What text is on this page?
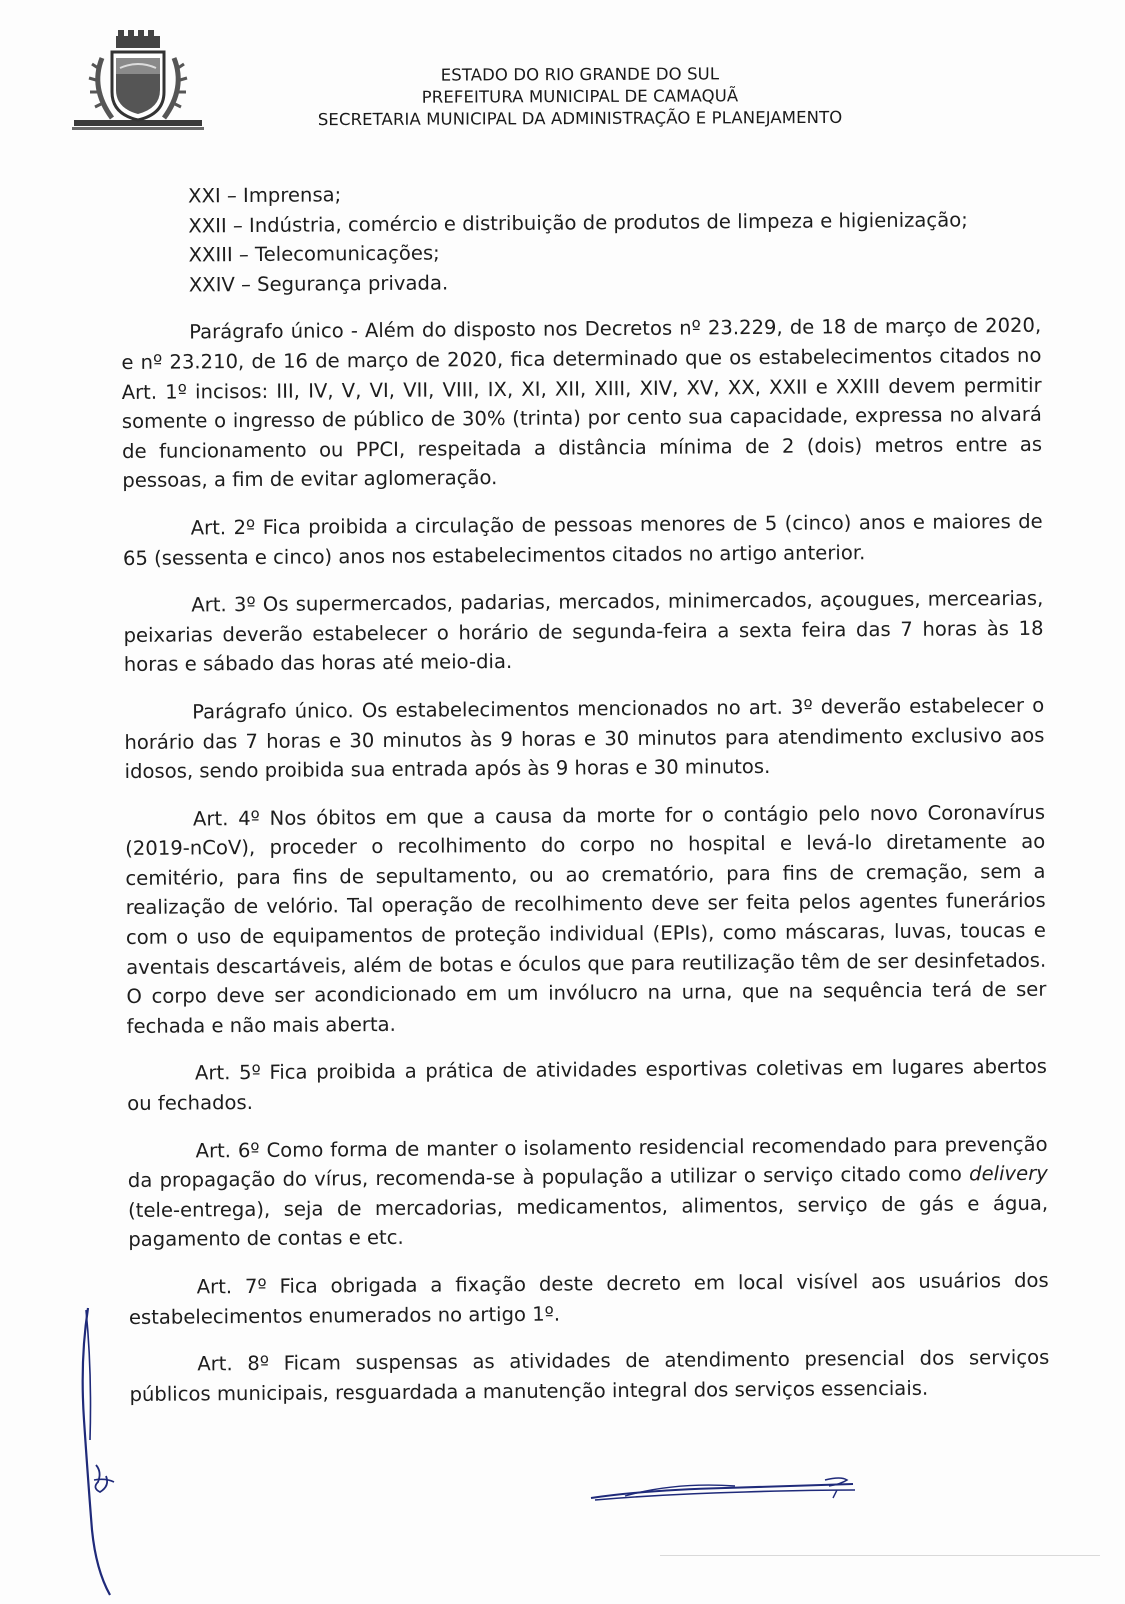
ESTADO DO RIO GRANDE DO SUL
PREFEITURA MUNICIPAL DE CAMAQUÃ
SECRETARIA MUNICIPAL DA ADMINISTRAÇÃO E PLANEJAMENTO
XXI – Imprensa;
XXII – Indústria, comércio e distribuição de produtos de limpeza e higienização;
XXIII – Telecomunicações;
XXIV – Segurança privada.

Parágrafo único - Além do disposto nos Decretos nº 23.229, de 18 de março de 2020, e nº 23.210, de 16 de março de 2020, fica determinado que os estabelecimentos citados no Art. 1º incisos: III, IV, V, VI, VII, VIII, IX, XI, XII, XIII, XIV, XV, XX, XXII e XXIII devem permitir somente o ingresso de público de 30% (trinta) por cento sua capacidade, expressa no alvará de funcionamento ou PPCI, respeitada a distância mínima de 2 (dois) metros entre as pessoas, a fim de evitar aglomeração.

Art. 2º Fica proibida a circulação de pessoas menores de 5 (cinco) anos e maiores de 65 (sessenta e cinco) anos nos estabelecimentos citados no artigo anterior.

Art. 3º Os supermercados, padarias, mercados, minimercados, açougues, mercearias, peixarias deverão estabelecer o horário de segunda-feira a sexta feira das 7 horas às 18 horas e sábado das horas até meio-dia.

Parágrafo único. Os estabelecimentos mencionados no art. 3º deverão estabelecer o horário das 7 horas e 30 minutos às 9 horas e 30 minutos para atendimento exclusivo aos idosos, sendo proibida sua entrada após às 9 horas e 30 minutos.

Art. 4º Nos óbitos em que a causa da morte for o contágio pelo novo Coronavírus (2019-nCoV), proceder o recolhimento do corpo no hospital e levá-lo diretamente ao cemitério, para fins de sepultamento, ou ao crematório, para fins de cremação, sem a realização de velório. Tal operação de recolhimento deve ser feita pelos agentes funerários com o uso de equipamentos de proteção individual (EPIs), como máscaras, luvas, toucas e aventais descartáveis, além de botas e óculos que para reutilização têm de ser desinfetados. O corpo deve ser acondicionado em um invólucro na urna, que na sequência terá de ser fechada e não mais aberta.

Art. 5º Fica proibida a prática de atividades esportivas coletivas em lugares abertos ou fechados.

Art. 6º Como forma de manter o isolamento residencial recomendado para prevenção da propagação do vírus, recomenda-se à população a utilizar o serviço citado como delivery (tele-entrega), seja de mercadorias, medicamentos, alimentos, serviço de gás e água, pagamento de contas e etc.

Art. 7º Fica obrigada a fixação deste decreto em local visível aos usuários dos estabelecimentos enumerados no artigo 1º.

Art. 8º Ficam suspensas as atividades de atendimento presencial dos serviços públicos municipais, resguardada a manutenção integral dos serviços essenciais.
